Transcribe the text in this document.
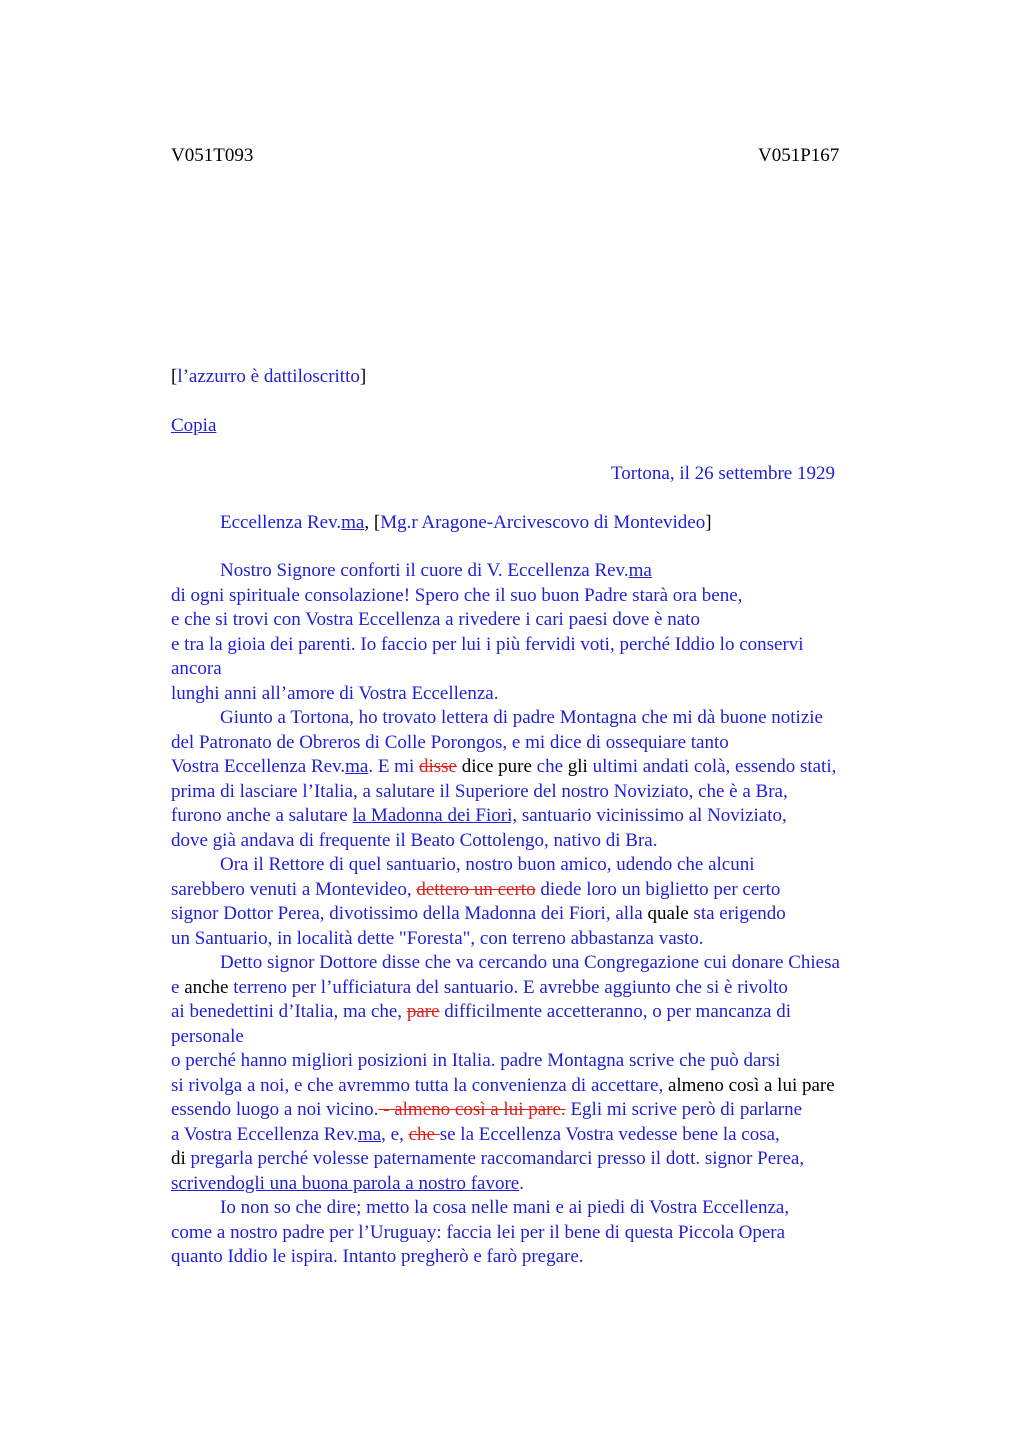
V051T093	V051P167
[l’azzurro è dattiloscritto]
Copia
Tortona, il 26 settembre 1929
Eccellenza Rev.ma, [Mg.r Aragone-Arcivescovo di Montevideo]
Nostro Signore conforti il cuore di V. Eccellenza Rev.ma
di ogni spirituale consolazione! Spero che il suo buon Padre starà ora bene,
e che si trovi con Vostra Eccellenza a rivedere i cari paesi dove è nato
e tra la gioia dei parenti. Io faccio per lui i più fervidi voti, perché Iddio lo conservi
ancora
lunghi anni all’amore di Vostra Eccellenza.
Giunto a Tortona, ho trovato lettera di padre Montagna che mi dà buone notizie
del Patronato de Obreros di Colle Porongos, e mi dice di ossequiare tanto
Vostra Eccellenza Rev.ma. E mi disse dice pure che gli ultimi andati colà, essendo stati,
prima di lasciare l’Italia, a salutare il Superiore del nostro Noviziato, che è a Bra,
furono anche a salutare la Madonna dei Fiori, santuario vicinissimo al Noviziato,
dove già andava di frequente il Beato Cottolengo, nativo di Bra.
Ora il Rettore di quel santuario, nostro buon amico, udendo che alcuni
sarebbero venuti a Montevideo, dettero un certo diede loro un biglietto per certo
signor Dottor Perea, divotissimo della Madonna dei Fiori, alla quale sta erigendo
un Santuario, in località dette "Foresta", con terreno abbastanza vasto.
Detto signor Dottore disse che va cercando una Congregazione cui donare Chiesa
e anche terreno per l’ufficiatura del santuario. E avrebbe aggiunto che si è rivolto
ai benedettini d’Italia, ma che, pare difficilmente accetteranno, o per mancanza di
personale
o perché hanno migliori posizioni in Italia. padre Montagna scrive che può darsi
si rivolga a noi, e che avremmo tutta la convenienza di accettare, almeno così a lui pare
essendo luogo a noi vicino. - almeno così a lui pare. Egli mi scrive però di parlarne
a Vostra Eccellenza Rev.ma, e, che se la Eccellenza Vostra vedesse bene la cosa,
di pregarla perché volesse paternamente raccomandarci presso il dott. signor Perea,
scrivendogli una buona parola a nostro favore.
Io non so che dire; metto la cosa nelle mani e ai piedi di Vostra Eccellenza,
come a nostro padre per l’Uruguay: faccia lei per il bene di questa Piccola Opera
quanto Iddio le ispira. Intanto pregherò e farò pregare.
